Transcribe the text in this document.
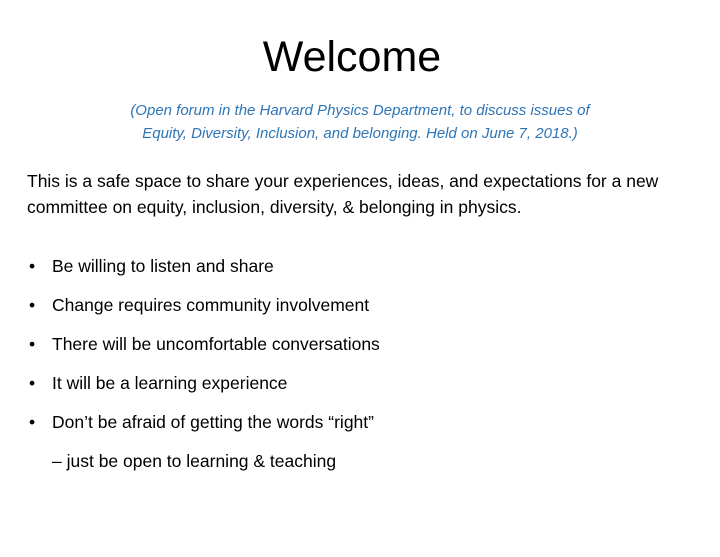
Welcome
(Open forum in the Harvard Physics Department, to discuss issues of
Equity, Diversity, Inclusion, and belonging. Held on June 7, 2018.)

This is a safe space to share your experiences, ideas, and expectations for a new committee on equity, inclusion, diversity, & belonging in physics.

• Be willing to listen and share
• Change requires community involvement
• There will be uncomfortable conversations
• It will be a learning experience
• Don’t be afraid of getting the words “right”

– just be open to learning & teaching
